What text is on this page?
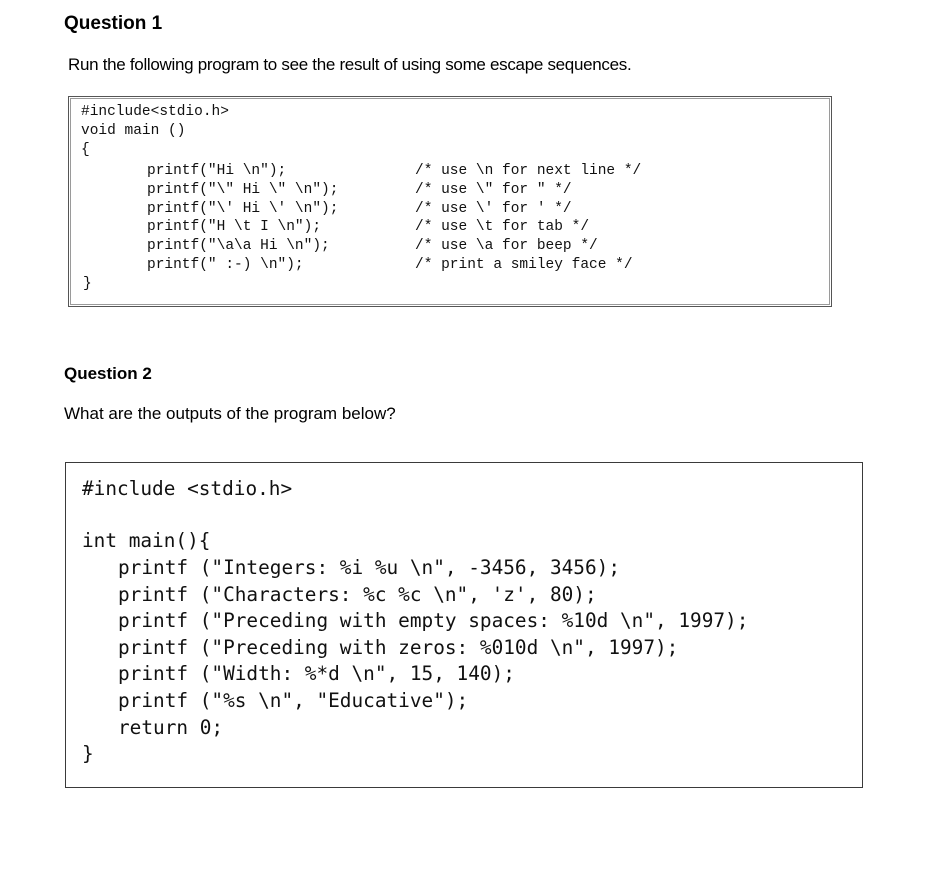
Question 1

Run the following program to see the result of using some escape sequences.

#include<stdio.h>
void main ()
{
printf("Hi \n");
printf("\" Hi \" \n");
printf("\' Hi \' \n");
printf("H \t I \n");
printf("\a\a Hi \n");
printf(" :-) \n");
/* use \n for next line */
/* use \" for " */
/* use \' for ' */
/* use \t for tab */
/* use \a for beep */
/* print a smiley face */
}
Question 2

What are the outputs of the program below?

#include <stdio.h>
int main(){
printf ("Integers: %i %u \n", -3456, 3456);
printf ("Characters: %c %c \n", 'z', 80);
printf ("Preceding with empty spaces: %10d \n", 1997);
printf ("Preceding with zeros: %010d \n", 1997);
printf ("Width: %*d \n", 15, 140);
printf ("%s \n", "Educative");
return 0;
}
